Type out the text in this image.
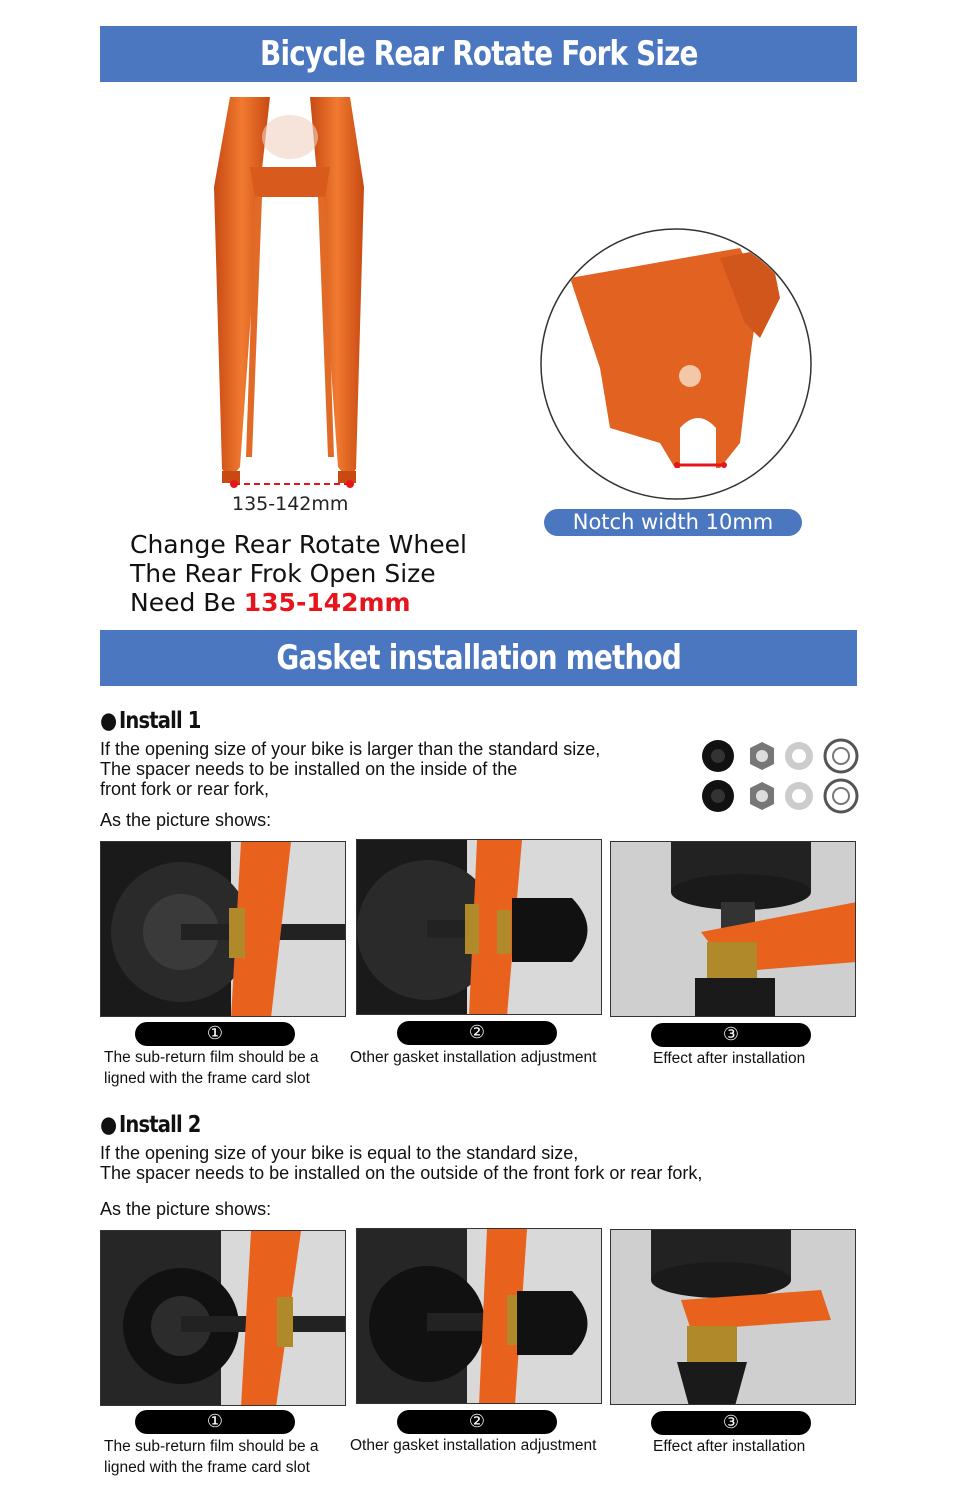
Bicycle Rear Rotate Fork Size
135-142mm
Change Rear Rotate Wheel
The Rear Frok Open Size
Need Be 135-142mm
Notch width 10mm
Gasket installation method
● Install 1
If the opening size of your bike is larger than the standard size,
The spacer needs to be installed on the inside of the
front fork or rear fork,
As the picture shows:
①	②	③
The sub-return film should be a
ligned with the frame card slot
Other gasket installation adjustment	Effect after installation
● Install 2
If the opening size of your bike is equal to the standard size,
The spacer needs to be installed on the outside of the front fork or rear fork,
As the picture shows:
①	②	③
The sub-return film should be a
ligned with the frame card slot
Other gasket installation adjustment	Effect after installation
